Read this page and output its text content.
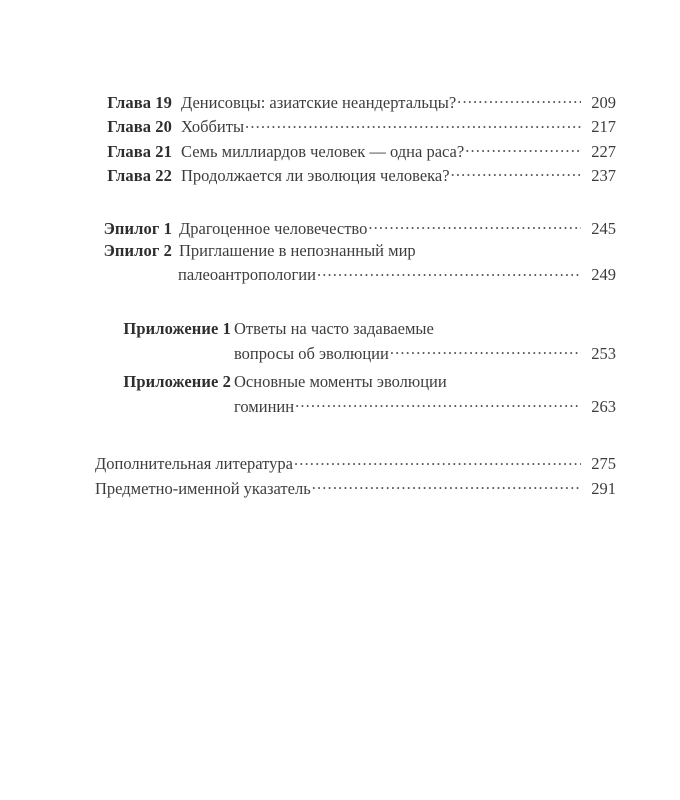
Глава 19 Денисовцы: азиатские неандертальцы? .....	209
Глава 20 Хоббиты .....	217
Глава 21 Семь миллиардов человек — одна раса? .....	227
Глава 22 Продолжается ли эволюция человека? .....	237
Эпилог 1 Драгоценное человечество .....	245
Эпилог 2 Приглашение в непознанный мир
палеоантропологии .....	249
Приложение 1 Ответы на часто задаваемые
вопросы об эволюции .....	253
Приложение 2 Основные моменты эволюции
гоминин .....	263
Дополнительная литература .....	275
Предметно-именной указатель .....	291
